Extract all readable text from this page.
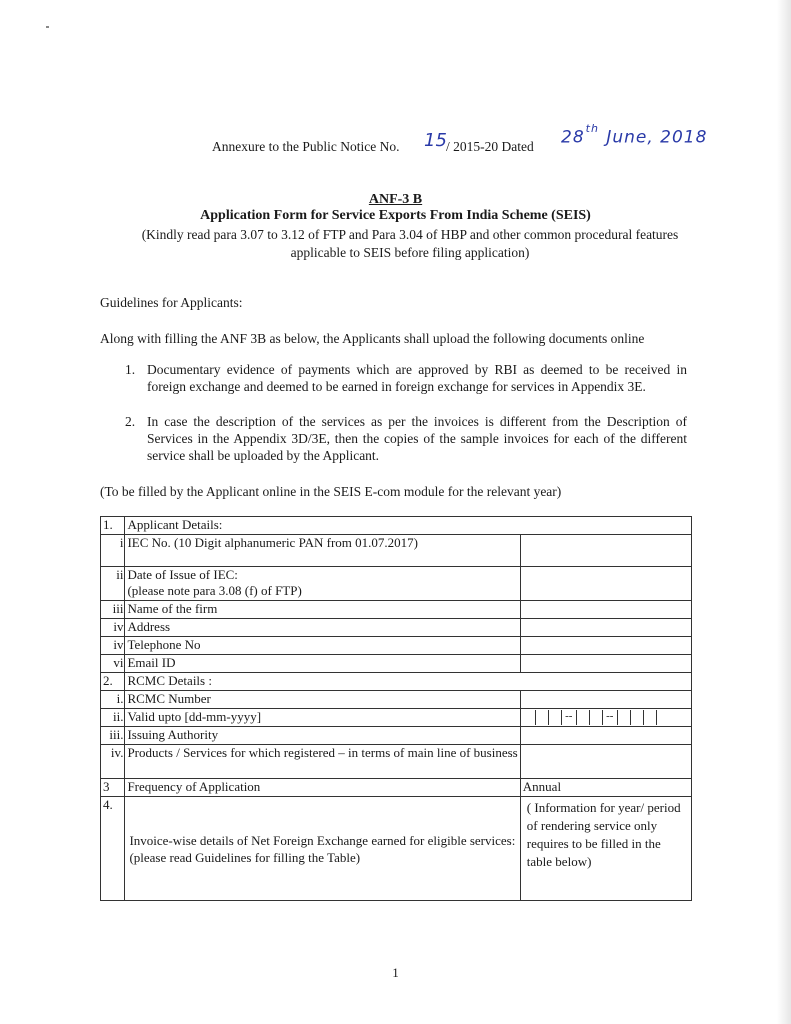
Annexure to the Public Notice No. 15 / 2015-20 Dated 28th June, 2018
ANF-3 B
Application Form for Service Exports From India Scheme (SEIS)
(Kindly read para 3.07 to 3.12 of FTP and Para 3.04 of HBP and other common procedural features applicable to SEIS before filing application)
Guidelines for Applicants:
Along with filling the ANF 3B as below, the Applicants shall upload the following documents online
1. Documentary evidence of payments which are approved by RBI as deemed to be received in foreign exchange and deemed to be earned in foreign exchange for services in Appendix 3E.
2. In case the description of the services as per the invoices is different from the Description of Services in the Appendix 3D/3E, then the copies of the sample invoices for each of the different service shall be uploaded by the Applicant.
(To be filled by the Applicant online in the SEIS E-com module for the relevant year)
1.	Applicant Details:	
i	IEC No. (10 Digit alphanumeric PAN from 01.07.2017)	
ii	Date of Issue of IEC:
(please note para 3.08 (f) of FTP)	

iii	Name of the firm	
iv	Address	
iv	Telephone No	
vi	Email ID	
2.	RCMC Details :	
i.	RCMC Number	
ii.	Valid upto [dd-mm-yyyy]	-- --

iii.	Issuing Authority	
iv.	Products / Services for which registered – in terms of main line of business	
3	Frequency of Application	Annual
4.	Invoice-wise details of Net Foreign Exchange earned for eligible services: (please read Guidelines for filling the Table)	( Information for year/ period of rendering service only requires to be filled in the table below)
1
